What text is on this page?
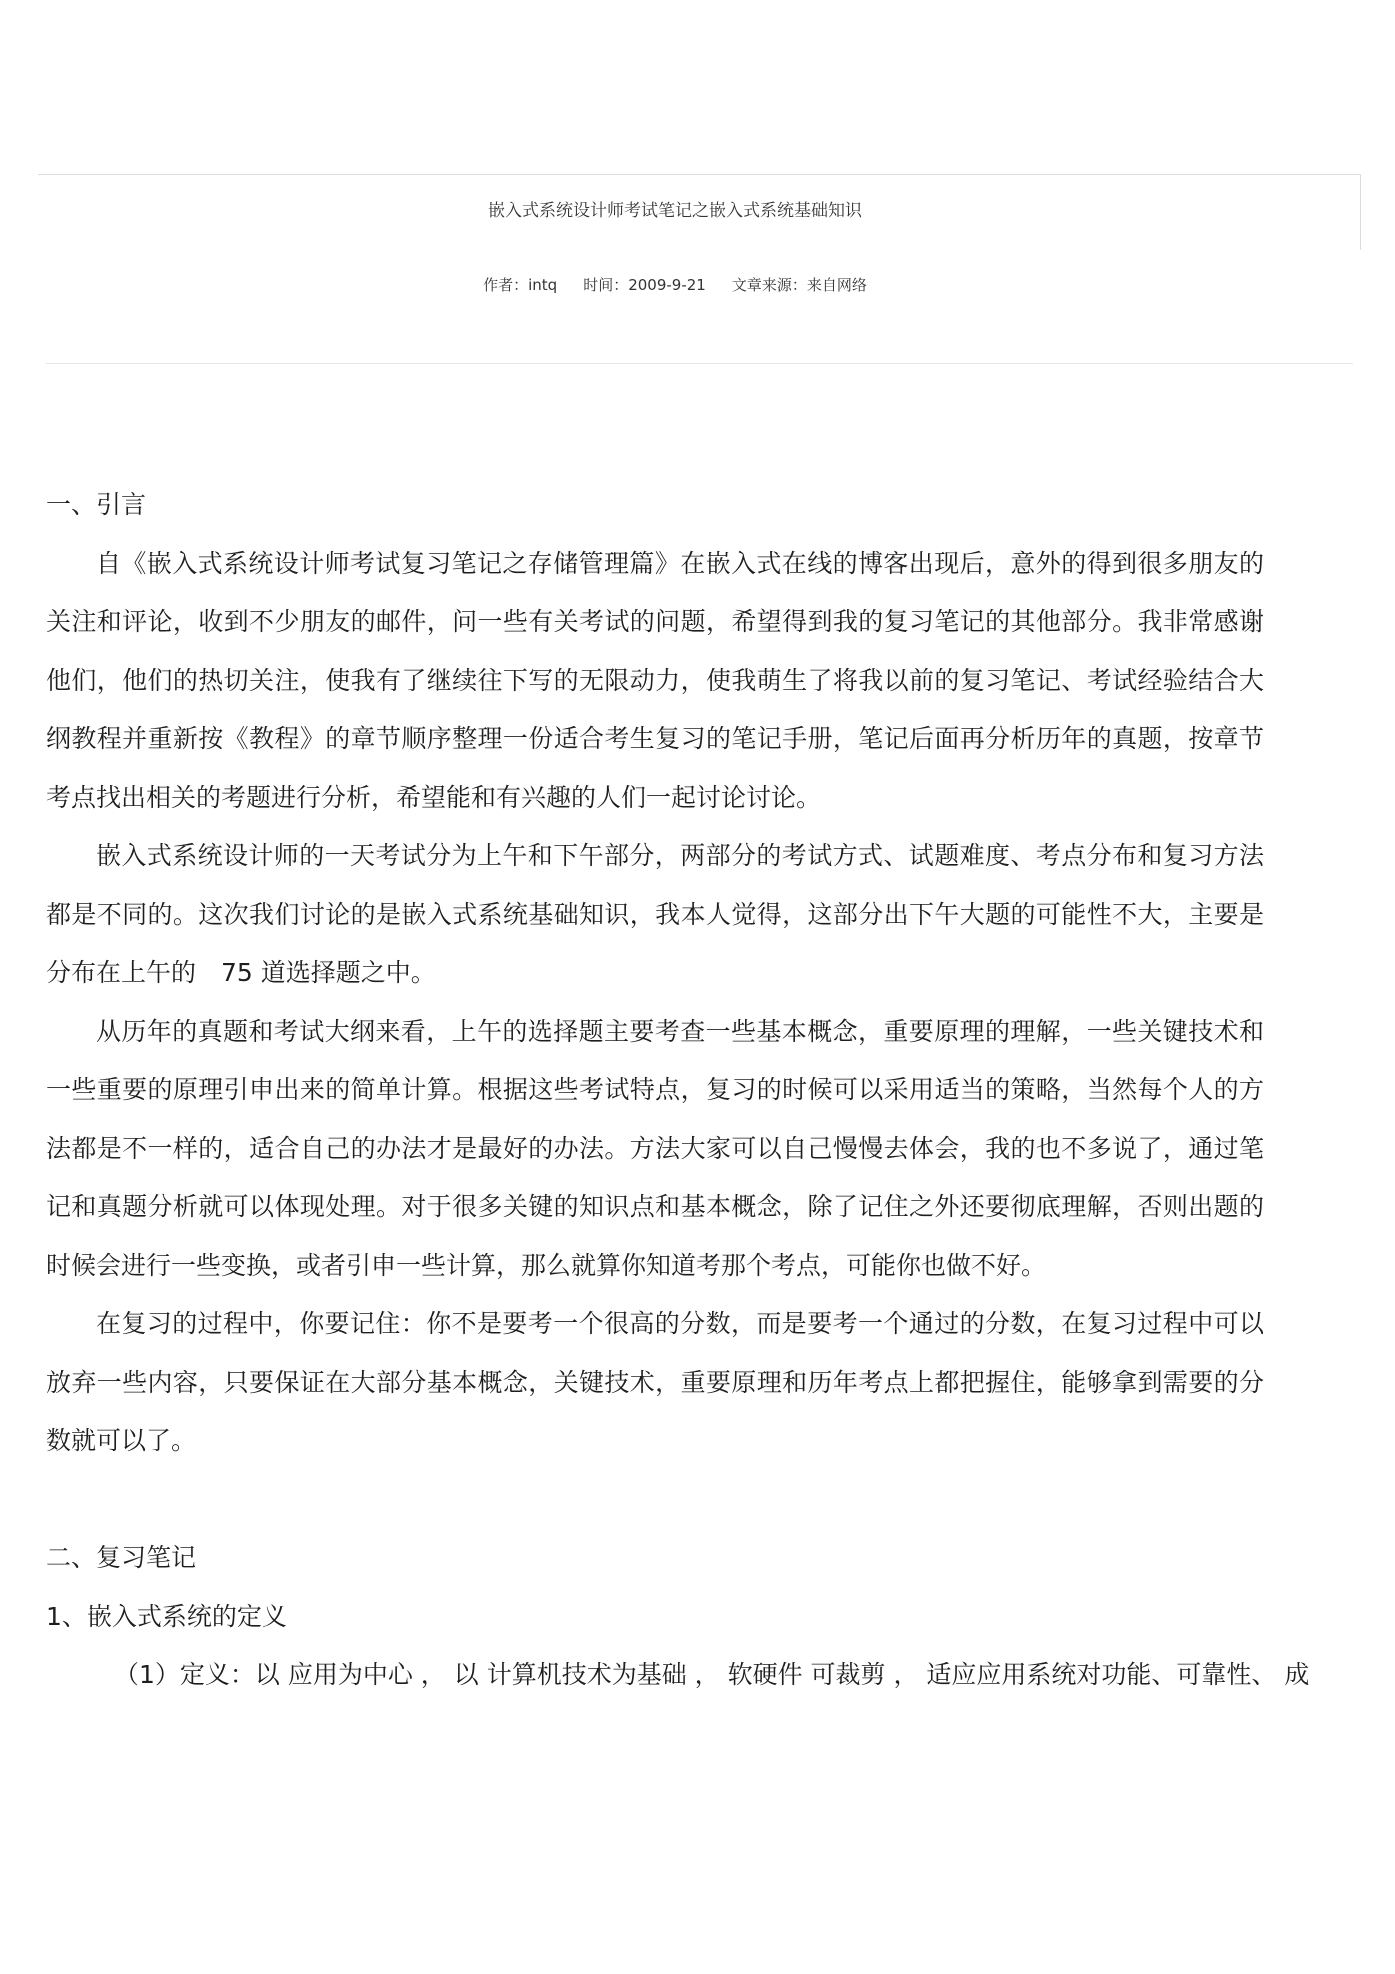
嵌入式系统设计师考试笔记之嵌入式系统基础知识
作者：intq 时间：2009-9-21 文章来源：来自网络

一、引言

自《嵌入式系统设计师考试复习笔记之存储管理篇》在嵌入式在线的博客出现后，意外的得到很多朋友的关注和评论，收到不少朋友的邮件，问一些有关考试的问题，希望得到我的复习笔记的其他部分。我非常感谢他们，他们的热切关注，使我有了继续往下写的无限动力，使我萌生了将我以前的复习笔记、考试经验结合大纲教程并重新按《教程》的章节顺序整理一份适合考生复习的笔记手册，笔记后面再分析历年的真题，按章节考点找出相关的考题进行分析，希望能和有兴趣的人们一起讨论讨论。

嵌入式系统设计师的一天考试分为上午和下午部分，两部分的考试方式、试题难度、考点分布和复习方法都是不同的。这次我们讨论的是嵌入式系统基础知识，我本人觉得，这部分出下午大题的可能性不大，主要是分布在上午的　75 道选择题之中。

从历年的真题和考试大纲来看，上午的选择题主要考查一些基本概念，重要原理的理解，一些关键技术和一些重要的原理引申出来的简单计算。根据这些考试特点，复习的时候可以采用适当的策略，当然每个人的方法都是不一样的，适合自己的办法才是最好的办法。方法大家可以自己慢慢去体会，我的也不多说了，通过笔记和真题分析就可以体现处理。对于很多关键的知识点和基本概念，除了记住之外还要彻底理解，否则出题的时候会进行一些变换，或者引申一些计算，那么就算你知道考那个考点，可能你也做不好。

在复习的过程中，你要记住：你不是要考一个很高的分数，而是要考一个通过的分数，在复习过程中可以放弃一些内容，只要保证在大部分基本概念，关键技术，重要原理和历年考点上都把握住，能够拿到需要的分数就可以了。

二、复习笔记

1、嵌入式系统的定义

（1）定义：以 应用为中心 ， 以 计算机技术为基础 ， 软硬件 可裁剪 ， 适应应用系统对功能、可靠性、 成
